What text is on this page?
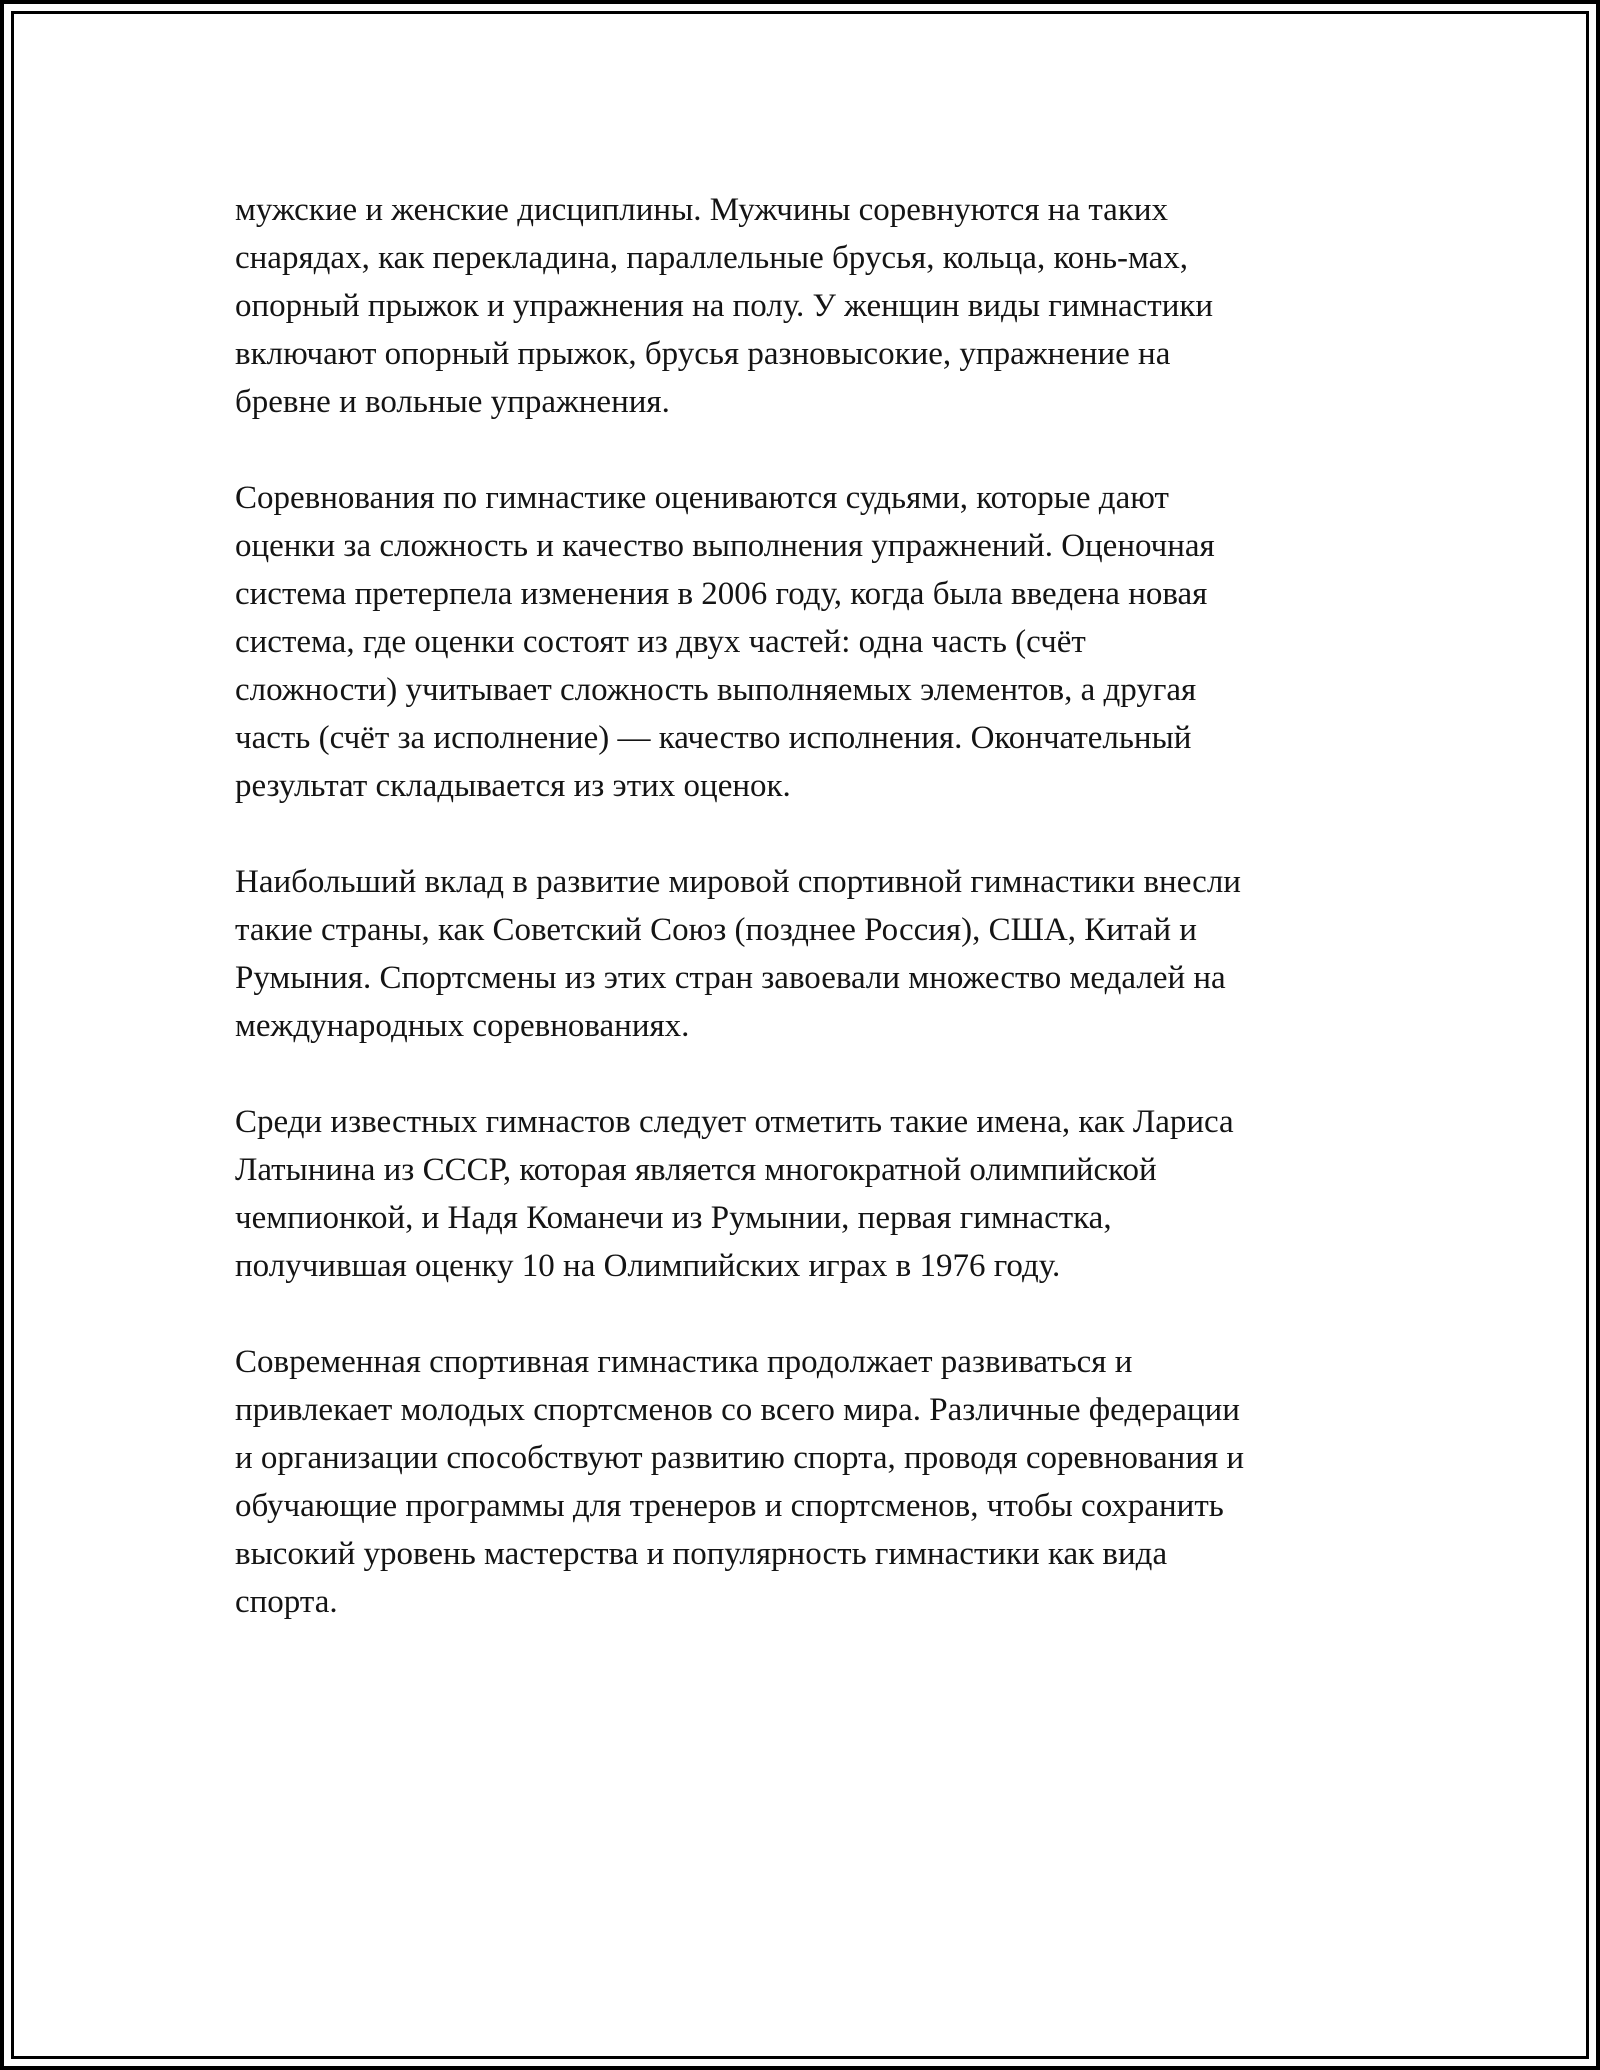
мужские и женские дисциплины. Мужчины соревнуются на таких
снарядах, как перекладина, параллельные брусья, кольца, конь-мах,
опорный прыжок и упражнения на полу. У женщин виды гимнастики
включают опорный прыжок, брусья разновысокие, упражнение на
бревне и вольные упражнения.

Соревнования по гимнастике оцениваются судьями, которые дают
оценки за сложность и качество выполнения упражнений. Оценочная
система претерпела изменения в 2006 году, когда была введена новая
система, где оценки состоят из двух частей: одна часть (счёт
сложности) учитывает сложность выполняемых элементов, а другая
часть (счёт за исполнение) — качество исполнения. Окончательный
результат складывается из этих оценок.

Наибольший вклад в развитие мировой спортивной гимнастики внесли
такие страны, как Советский Союз (позднее Россия), США, Китай и
Румыния. Спортсмены из этих стран завоевали множество медалей на
международных соревнованиях.

Среди известных гимнастов следует отметить такие имена, как Лариса
Латынина из СССР, которая является многократной олимпийской
чемпионкой, и Надя Команечи из Румынии, первая гимнастка,
получившая оценку 10 на Олимпийских играх в 1976 году.

Современная спортивная гимнастика продолжает развиваться и
привлекает молодых спортсменов со всего мира. Различные федерации
и организации способствуют развитию спорта, проводя соревнования и
обучающие программы для тренеров и спортсменов, чтобы сохранить
высокий уровень мастерства и популярность гимнастики как вида
спорта.
